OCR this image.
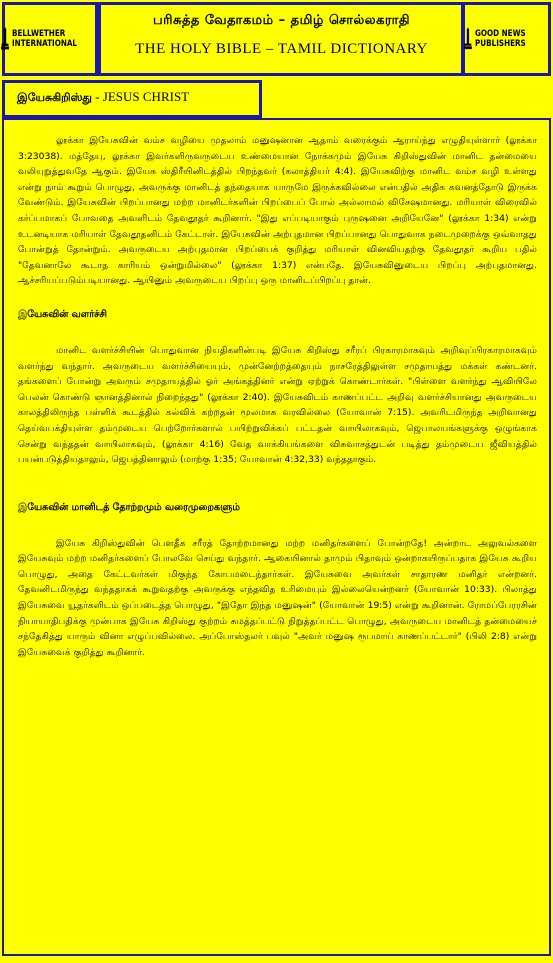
BELLWETHER INTERNATIONAL
பரிசுத்த வேதாகமம் – தமிழ் சொல்லகராதி
THE HOLY BIBLE – TAMIL DICTIONARY
GOOD NEWS PUBLISHERS
இயேசுகிறிஸ்து - JESUS CHRIST

லூக்கா இயேசுவின் வம்ச வழியை முதலாம் மனுஷனான ஆதாம் வரைக்கும் ஆராய்ந்து எழுதியுள்ளார் (லூக்கா 3:23038). மத்தேயு, லூக்கா இவர்களிருவருடைய உண்மையான நோக்கமும் இயேசு கிறிஸ்துவின் மானிட தன்மையை வலியுறுத்துவதே ஆகும். இயேசு ஸ்திரீயினிடத்தில் பிறந்தவர் (கலாத்தியர் 4:4). இயேசுவிற்கு மானிட வம்ச வழி உள்ளது என்று நாம் கூறும் பொழுது, அவருக்கு மானிடத் தந்தையாக யாருமே இருக்கவில்லை என்பதில் அதிக கவனத்தோடு இருக்க வேண்டும். இயேசுவின் பிறப்பானது மற்ற மானிடர்களின் பிறப்பைப் போல் அல்லாமல் விசேஷமானது. மரியாள் விரைவில் கர்ப்பமாகப் போவதை அவளிடம் தேவதூதர் கூறினார். "இது எப்படியாகும் புருஷனை அறியேனே" (லூக்கா 1:34) என்று உடனடியாக மரியாள் தேவதூதனிடம் கேட்டாள். இயேசுவின் அற்புதமான பிறப்பானது பொதுவாக நடைமுறைக்கு ஒவ்வாதது போன்றுத் தோன்றும். அவருடைய அற்புதமான பிறப்பைக் குறித்து மரியாள் வினவியதற்கு தேவதூதர் கூறிய பதில் "தேவனாலே கூடாத காரியம் ஒன்றுமில்லை" (லூக்கா 1:37) என்பதே. இயேசுவினுடைய பிறப்பு அற்புதமானது. ஆச்சரியப்படும்படியானது. ஆயினும் அவருடைய பிறப்பு ஒரு மானிடப்பிறப்பு தான்.

இயேசுவின் வளர்ச்சி

மானிட வளர்ச்சியின் பொதுவான நியதிகளின்படி இயேசு கிறிஸ்து சரீரப் பிரகாரமாகவும் அறிவுப்பிரகாரமாகவும் வளர்ந்து வந்தார். அவருடைய வளர்ச்சியையும், முன்னேற்றத்தையும் நாசரேத்திலுள்ள சமுதாயத்து மக்கள் கண்டனர். தங்களைப் போன்று அவரும் சமுதாயத்தில் ஓர் அங்கத்தினர் என்று ஏற்றுக் கொண்டார்கள். "பிள்ளை வளர்ந்து ஆவியிலே பெலன் கொண்டு ஞானத்தினால் நிறைந்தது" (லூக்கா 2:40). இயேசுவிடம் காணப்பட்ட அறிவு வளர்ச்சியானது அவருடைய காலத்திலிருந்த பள்ளிக் கூடத்தில் கல்விக் கற்றதன் மூலமாக வரவில்லை (யோவான் 7:15). அவரிடமிருந்த அறிவானது தெய்வபக்தியுள்ள தம்முடைய பெற்றோர்களால் பயிற்றுவிக்கப் பட்டதன் வாயிலாகவும், ஜெபாலயங்களுக்கு ஒழுங்காக சென்று வந்ததன் வாயிலாகவும், (லூக்கா 4:16) வேத வாக்கியங்களை விசுவாசத்துடன் படித்து தம்முடைய ஜீவியத்தில் பயன்படுத்தியதாலும், ஜெபத்தினாலும் (மாற்கு 1:35; யோவான் 4:32,33) வந்ததாகும்.

இயேசுவின் மானிடத் தோற்றமும் வரைமுறைகளும்

இயேசு கிறிஸ்துவின் பௌதீக சரீரத் தோற்றமானது மற்ற மனிதர்களைப் போன்றதே! அன்றாட அலுவல்களை இயேசுவும் மற்ற மனிதர்களைப் போலவே செய்து வந்தார். ஆகையினால் தாமும் பிதாவும் ஒன்றாகயிருப்பதாக இயேசு கூறிய பொழுது, அதை கேட்டவர்கள் மிகுந்த கோபமடைந்தார்கள். இயேசுவை அவர்கள் சாதாரண மனிதர் என்றனர். தேவனிடமிருந்து வந்ததாகக் கூறுவதற்கு அவருக்கு எந்தவித உரிமையும் இல்லையென்றனர் (யோவான் 10:33). பிலாத்து இயேசுவை யூதர்களிடம் ஒப்படைத்த பொழுது, "இதோ இந்த மனுஷன்" (யோவான் 19:5) என்று கூறினான். ரோமப்பேரரசின் நியாயாதிபதிக்கு முன்பாக இயேசு கிறிஸ்து குற்றம் சுமத்தப்பட்டு நிறுத்தப்பட்ட பொழுது, அவருடைய மானிடத் தன்மையைச் சந்தேகித்து யாரும் வினா எழுப்பவில்லை. அப்போஸ்தலர் பவுல் "அவர் மனுஷ ரூபமாய் காணப்பட்டார்" (பிலி 2:8) என்று இயேசுவைக் குறித்து கூறினார்.
